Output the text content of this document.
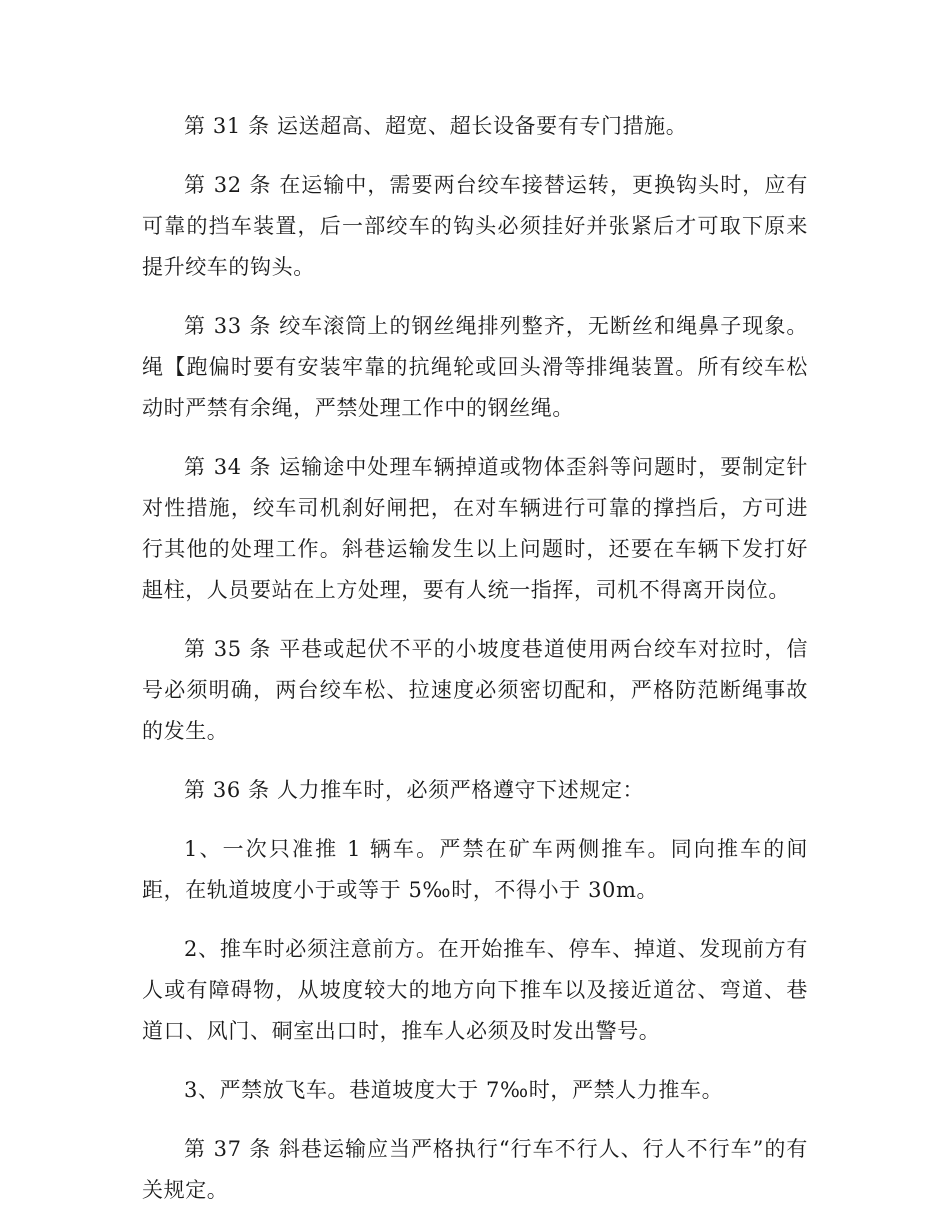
第 31 条 运送超高、超宽、超长设备要有专门措施。

第 32 条 在运输中，需要两台绞车接替运转，更换钩头时，应有可靠的挡车装置，后一部绞车的钩头必须挂好并张紧后才可取下原来提升绞车的钩头。

第 33 条 绞车滚筒上的钢丝绳排列整齐，无断丝和绳鼻子现象。绳【跑偏时要有安装牢靠的抗绳轮或回头滑等排绳装置。所有绞车松动时严禁有余绳，严禁处理工作中的钢丝绳。

第 34 条 运输途中处理车辆掉道或物体歪斜等问题时，要制定针对性措施，绞车司机刹好闸把，在对车辆进行可靠的撑挡后，方可进行其他的处理工作。斜巷运输发生以上问题时，还要在车辆下发打好趄柱，人员要站在上方处理，要有人统一指挥，司机不得离开岗位。

第 35 条 平巷或起伏不平的小坡度巷道使用两台绞车对拉时，信号必须明确，两台绞车松、拉速度必须密切配和，严格防范断绳事故的发生。

第 36 条 人力推车时，必须严格遵守下述规定：

1、一次只准推 1 辆车。严禁在矿车两侧推车。同向推车的间距，在轨道坡度小于或等于 5‰时，不得小于 30m。

2、推车时必须注意前方。在开始推车、停车、掉道、发现前方有人或有障碍物，从坡度较大的地方向下推车以及接近道岔、弯道、巷道口、风门、硐室出口时，推车人必须及时发出警号。

3、严禁放飞车。巷道坡度大于 7‰时，严禁人力推车。

第 37 条 斜巷运输应当严格执行“行车不行人、行人不行车”的有关规定。
